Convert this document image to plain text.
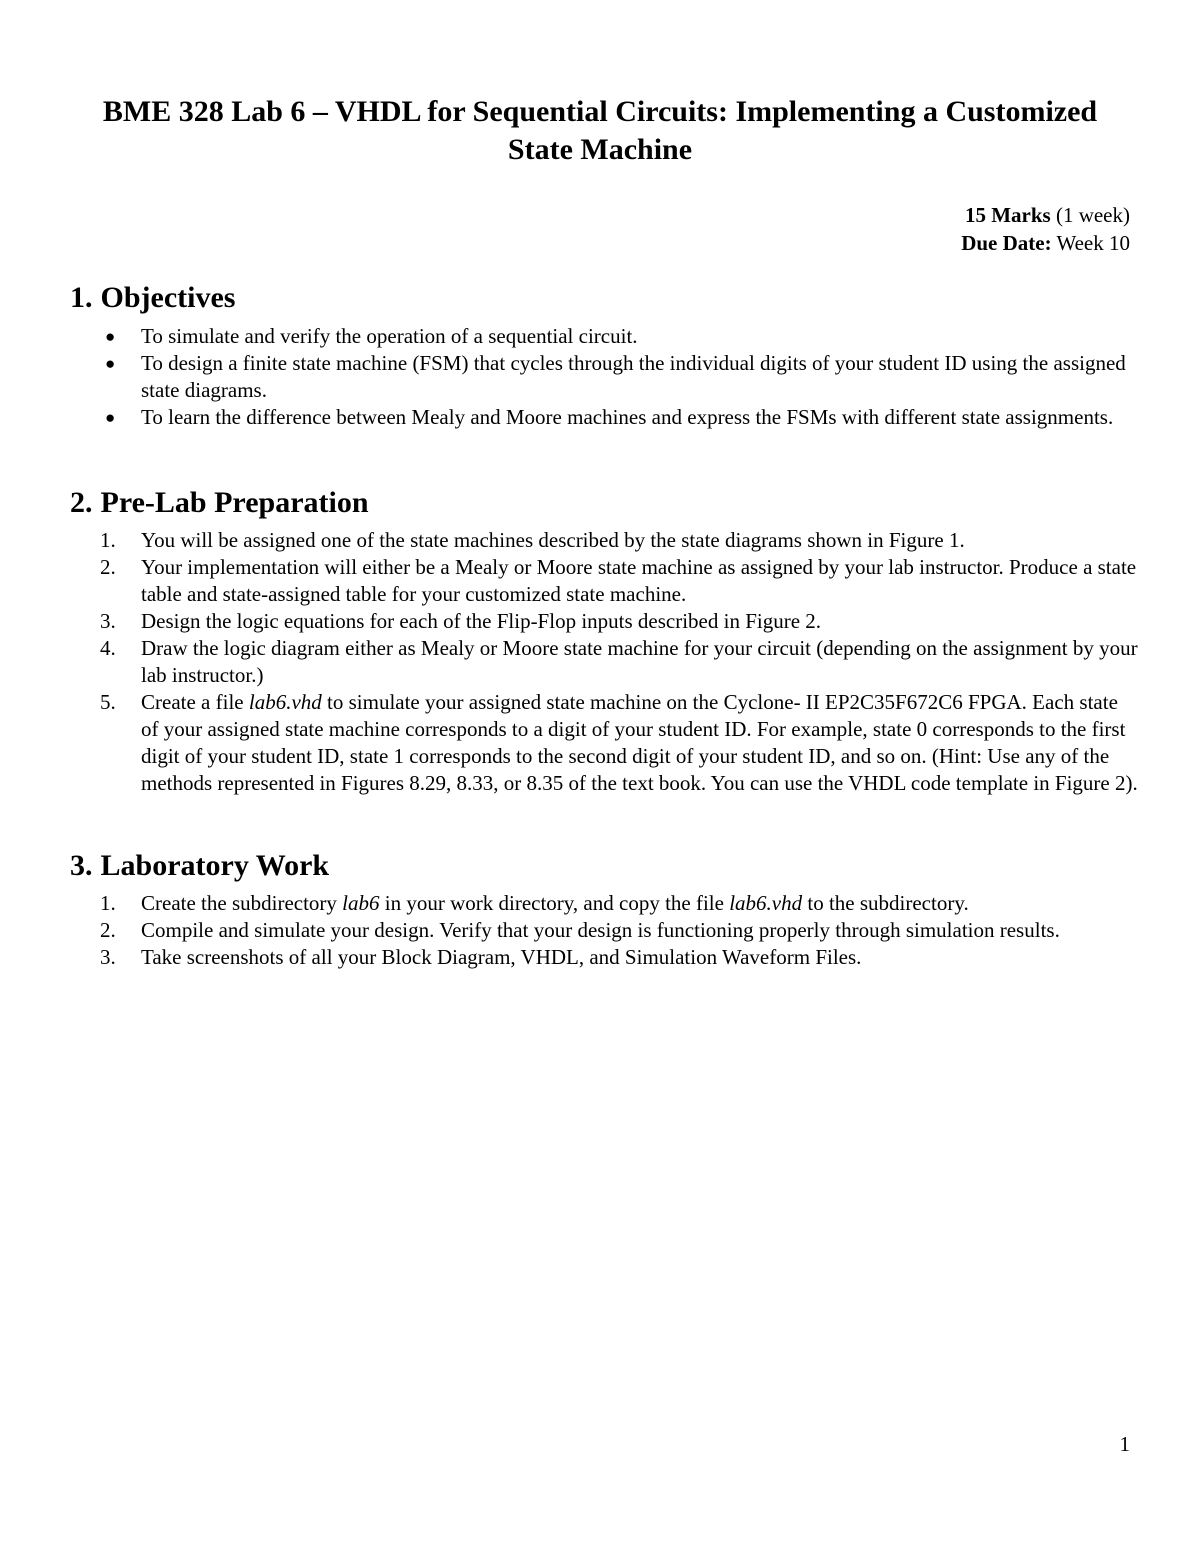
BME 328 Lab 6 – VHDL for Sequential Circuits: Implementing a Customized
State Machine
15 Marks (1 week)
Due Date: Week 10
1. Objectives
● To simulate and verify the operation of a sequential circuit.
● To design a finite state machine (FSM) that cycles through the individual digits of your student ID using the assigned state diagrams.
● To learn the difference between Mealy and Moore machines and express the FSMs with different state assignments.
2. Pre-Lab Preparation
1.	You will be assigned one of the state machines described by the state diagrams shown in Figure 1.
2.	Your implementation will either be a Mealy or Moore state machine as assigned by your lab instructor. Produce a state table and state-assigned table for your customized state machine.
3.	Design the logic equations for each of the Flip-Flop inputs described in Figure 2.
4.	Draw the logic diagram either as Mealy or Moore state machine for your circuit (depending on the assignment by your lab instructor.)
5.	Create a file lab6.vhd to simulate your assigned state machine on the Cyclone- II EP2C35F672C6 FPGA. Each state of your assigned state machine corresponds to a digit of your student ID. For example, state 0 corresponds to the first digit of your student ID, state 1 corresponds to the second digit of your student ID, and so on. (Hint: Use any of the methods represented in Figures 8.29, 8.33, or 8.35 of the text book. You can use the VHDL code template in Figure 2).
3. Laboratory Work
1.	Create the subdirectory lab6 in your work directory, and copy the file lab6.vhd to the subdirectory.
2.	Compile and simulate your design. Verify that your design is functioning properly through simulation results.
3.	Take screenshots of all your Block Diagram, VHDL, and Simulation Waveform Files.
1
